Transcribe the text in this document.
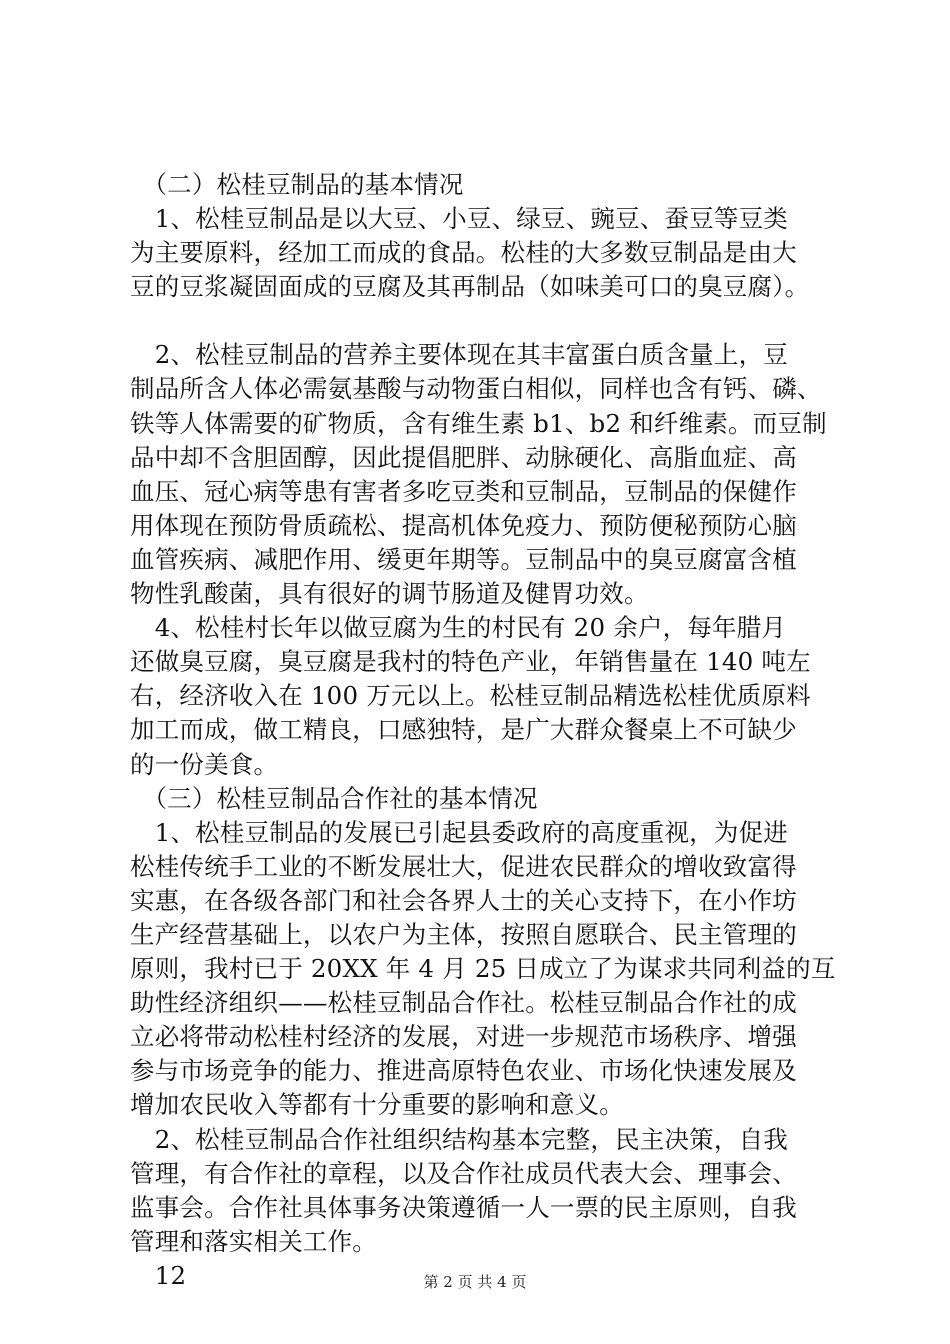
　（二）松桂豆制品的基本情况
　1、松桂豆制品是以大豆、小豆、绿豆、豌豆、蚕豆等豆类
为主要原料，经加工而成的食品。松桂的大多数豆制品是由大
豆的豆浆凝固面成的豆腐及其再制品（如味美可口的臭豆腐）。
　2、松桂豆制品的营养主要体现在其丰富蛋白质含量上，豆
制品所含人体必需氨基酸与动物蛋白相似，同样也含有钙、磷、
铁等人体需要的矿物质，含有维生素 b1、b2 和纤维素。而豆制
品中却不含胆固醇，因此提倡肥胖、动脉硬化、高脂血症、高
血压、冠心病等患有害者多吃豆类和豆制品，豆制品的保健作
用体现在预防骨质疏松、提高机体免疫力、预防便秘预防心脑
血管疾病、减肥作用、缓更年期等。豆制品中的臭豆腐富含植
物性乳酸菌，具有很好的调节肠道及健胃功效。
　4、松桂村长年以做豆腐为生的村民有 20 余户，每年腊月
还做臭豆腐，臭豆腐是我村的特色产业，年销售量在 140 吨左
右，经济收入在 100 万元以上。松桂豆制品精选松桂优质原料
加工而成，做工精良，口感独特，是广大群众餐桌上不可缺少
的一份美食。
　（三）松桂豆制品合作社的基本情况
　1、松桂豆制品的发展已引起县委政府的高度重视，为促进
松桂传统手工业的不断发展壮大，促进农民群众的增收致富得
实惠，在各级各部门和社会各界人士的关心支持下，在小作坊
生产经营基础上，以农户为主体，按照自愿联合、民主管理的
原则，我村已于 20XX 年 4 月 25 日成立了为谋求共同利益的互
助性经济组织——松桂豆制品合作社。松桂豆制品合作社的成
立必将带动松桂村经济的发展，对进一步规范市场秩序、增强
参与市场竞争的能力、推进高原特色农业、市场化快速发展及
增加农民收入等都有十分重要的影响和意义。
　2、松桂豆制品合作社组织结构基本完整，民主决策，自我
管理，有合作社的章程，以及合作社成员代表大会、理事会、
监事会。合作社具体事务决策遵循一人一票的民主原则，自我
管理和落实相关工作。
　12	第 2 页 共 4 页
